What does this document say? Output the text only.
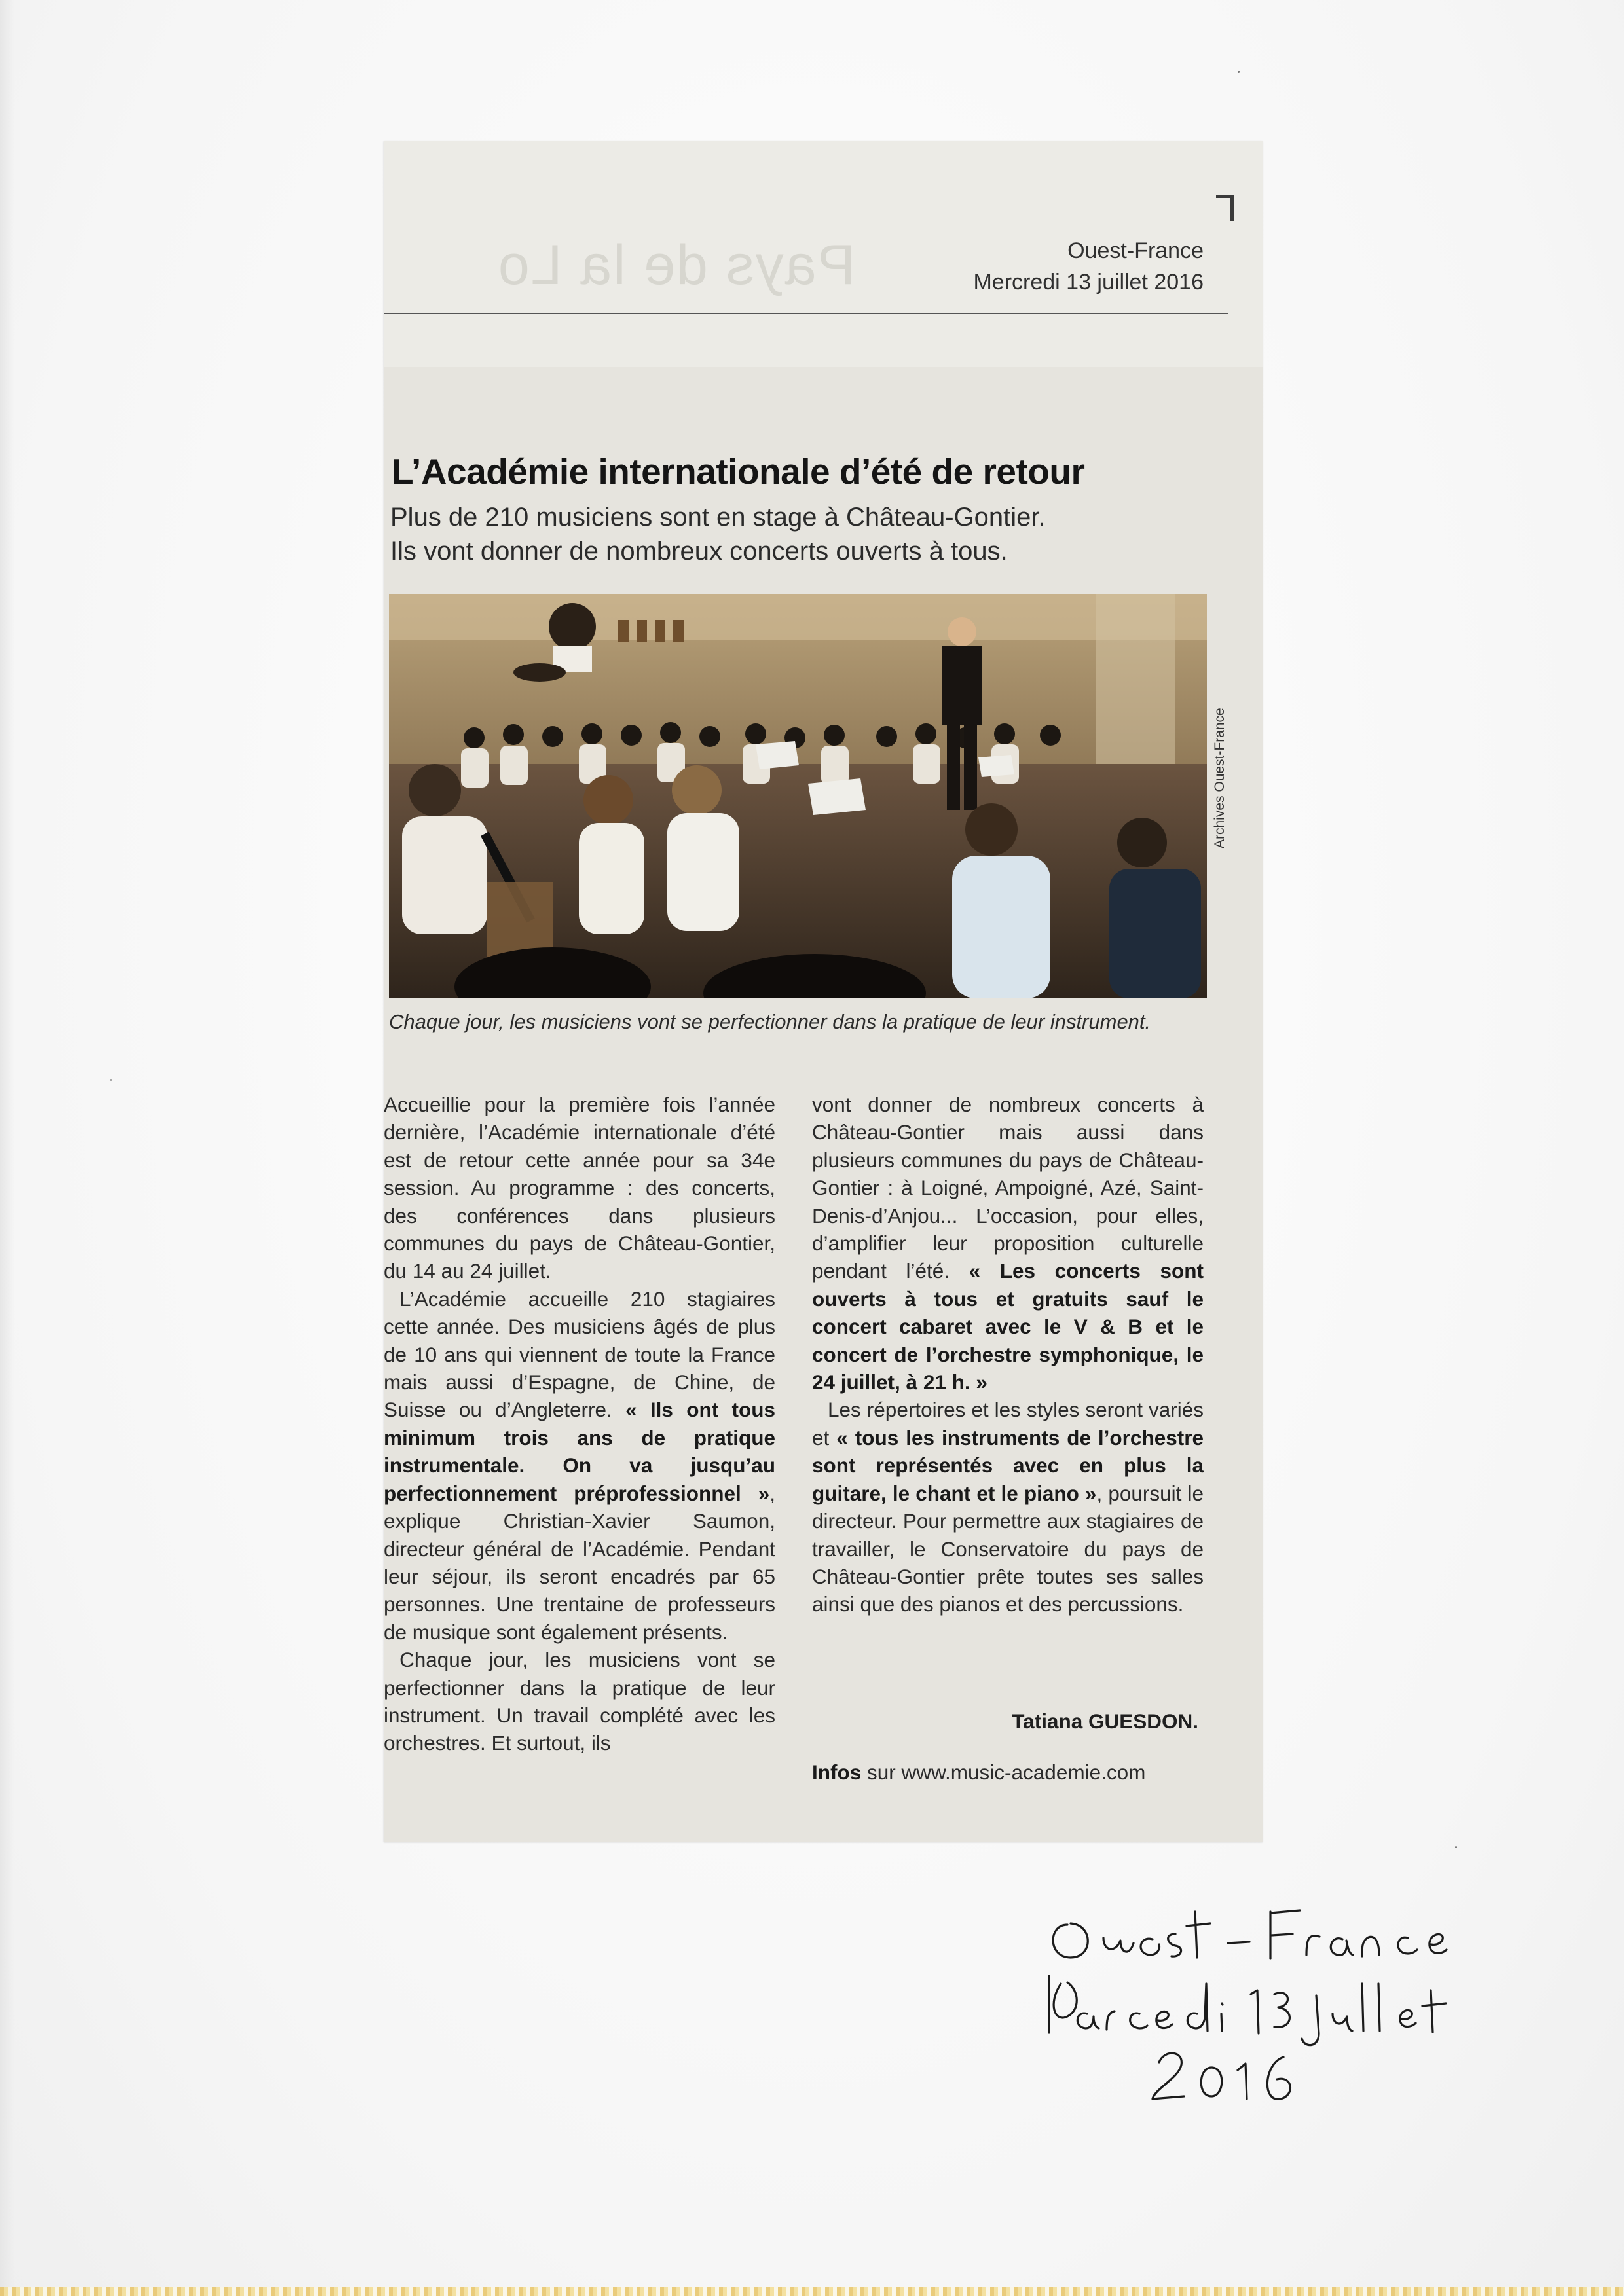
Pays de la Lo	Ouest-France
Mercredi 13 juillet 2016
L’Académie internationale d’été de retour
Plus de 210 musiciens sont en stage à Château-Gontier.
Ils vont donner de nombreux concerts ouverts à tous.
Archives Ouest-France
Chaque jour, les musiciens vont se perfectionner dans la pratique de leur instrument.

Accueillie pour la première fois l’année dernière, l’Académie internationale d’été est de retour cette année pour sa 34e session. Au programme : des concerts, des conférences dans plusieurs communes du pays de Château-Gontier, du 14 au 24 juillet.

L’Académie accueille 210 stagiaires cette année. Des musiciens âgés de plus de 10 ans qui viennent de toute la France mais aussi d’Espagne, de Chine, de Suisse ou d’Angleterre. « Ils ont tous minimum trois ans de pratique instrumentale. On va jusqu’au perfectionnement préprofessionnel », explique Christian-Xavier Saumon, directeur général de l’Académie. Pendant leur séjour, ils seront encadrés par 65 personnes. Une trentaine de professeurs de musique sont également présents.

Chaque jour, les musiciens vont se perfectionner dans la pratique de leur instrument. Un travail complété avec les orchestres. Et surtout, ils

vont donner de nombreux concerts à Château-Gontier mais aussi dans plusieurs communes du pays de Château-Gontier : à Loigné, Ampoigné, Azé, Saint-Denis-d’Anjou... L’occasion, pour elles, d’amplifier leur proposition culturelle pendant l’été. « Les concerts sont ouverts à tous et gratuits sauf le concert cabaret avec le V & B et le concert de l’orchestre symphonique, le 24 juillet, à 21 h. »

Les répertoires et les styles seront variés et « tous les instruments de l’orchestre sont représentés avec en plus la guitare, le chant et le piano », poursuit le directeur. Pour permettre aux stagiaires de travailler, le Conservatoire du pays de Château-Gontier prête toutes ses salles ainsi que des pianos et des percussions.

Tatiana GUESDON.
Infos sur www.music-academie.com
